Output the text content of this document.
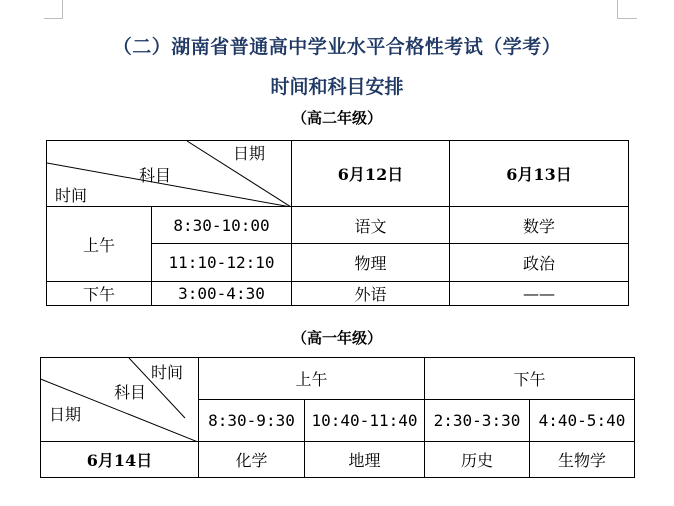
（二）湖南省普通高中学业水平合格性考试（学考）
时间和科目安排
（高二年级）
日期
科目
时间		6月12日	6月13日
上午	8:30-10:00	语文	数学
	11:10-12:10	物理	政治
下午	3:00-4:30	外语	——
（高一年级）
时间
科目
日期	上午		下午	
	8:30-9:30	10:40-11:40	2:30-3:30	4:40-5:40
6月14日	化学	地理	历史	生物学
